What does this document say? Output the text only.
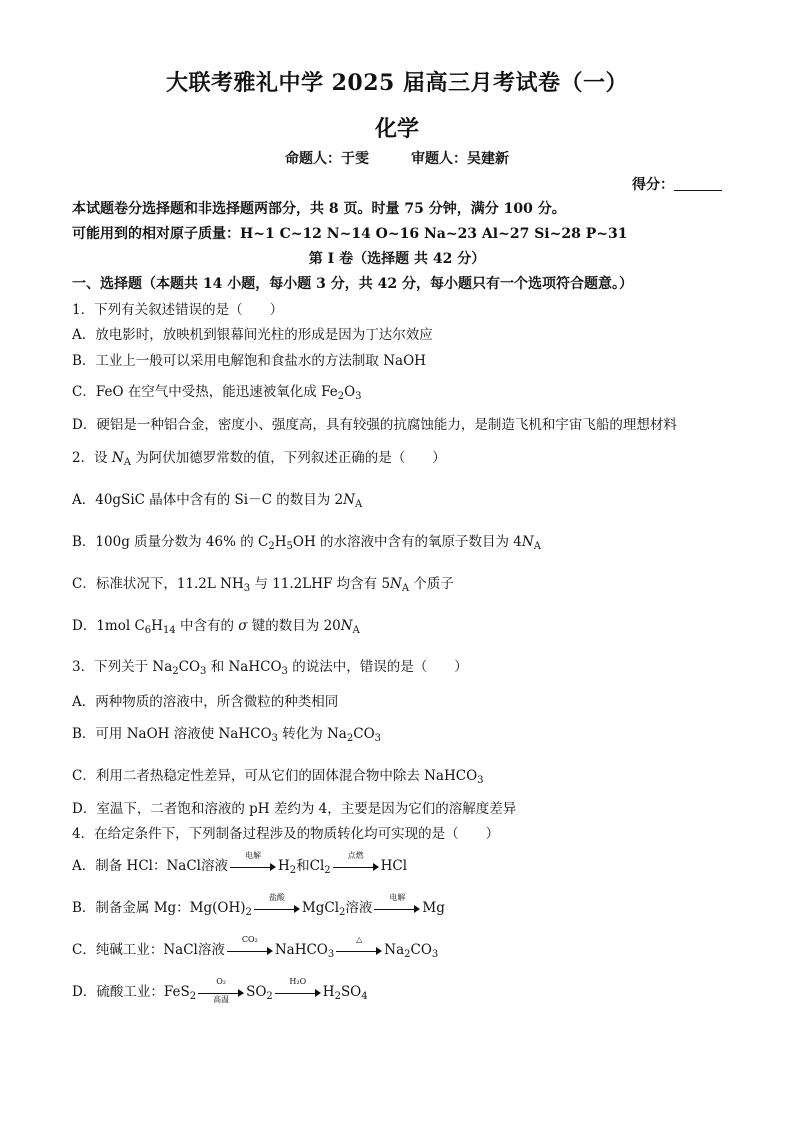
大联考雅礼中学 2025 届高三月考试卷（一）
化学
命题人：于雯	审题人：吴建新
得分：
本试题卷分选择题和非选择题两部分，共 8 页。时量 75 分钟，满分 100 分。
可能用到的相对原子质量：H~1 C~12 N~14 O~16 Na~23 Al~27 Si~28 P~31
第 Ⅰ 卷（选择题 共 42 分）
一、选择题（本题共 14 小题，每小题 3 分，共 42 分，每小题只有一个选项符合题意。）
1．下列有关叙述错误的是（　　）
A．放电影时，放映机到银幕间光柱的形成是因为丁达尔效应
B．工业上一般可以采用电解饱和食盐水的方法制取 NaOH
C．FeO 在空气中受热，能迅速被氧化成 $Fe_2O_3$
D．硬铝是一种铝合金，密度小、强度高，具有较强的抗腐蚀能力，是制造飞机和宇宙飞船的理想材料
2．设 $N_A$ 为阿伏加德罗常数的值，下列叙述正确的是（　　）
A．40gSiC 晶体中含有的 Si－C 的数目为 $2N_A$
B．100g 质量分数为 46% 的 $C_2H_5OH$ 的水溶液中含有的氧原子数目为 $4N_A$
C．标准状况下，11.2L $NH_3$ 与 11.2LHF 均含有 $5N_A$ 个质子
D．1mol $C_6H_{14}$ 中含有的 σ 键的数目为 $20N_A$
3．下列关于 $Na_2CO_3$ 和 NaHCO$_3$ 的说法中，错误的是（　　）
A．两种物质的溶液中，所含微粒的种类相同
B．可用 NaOH 溶液使 NaHCO$_3$ 转化为 $Na_2CO_3$
C．利用二者热稳定性差异，可从它们的固体混合物中除去 NaHCO$_3$
D．室温下，二者饱和溶液的 pH 差约为 4，主要是因为它们的溶解度差异
4．在给定条件下，下列制备过程涉及的物质转化均可实现的是（　　）
A．制备 HCl：NaCl溶液
电解
$H_2$和$Cl_2$
点燃
HCl
B．制备金属 Mg：$Mg(OH)_2$
盐酸
MgCl$_2$溶液
电解
Mg
C．纯碱工业：NaCl溶液
CO₂
NaHCO$_3$
△
$Na_2CO_3$
D．硫酸工业：FeS$_2$
O₂
高温	$SO_2$
H₂O
$H_2SO_4$
